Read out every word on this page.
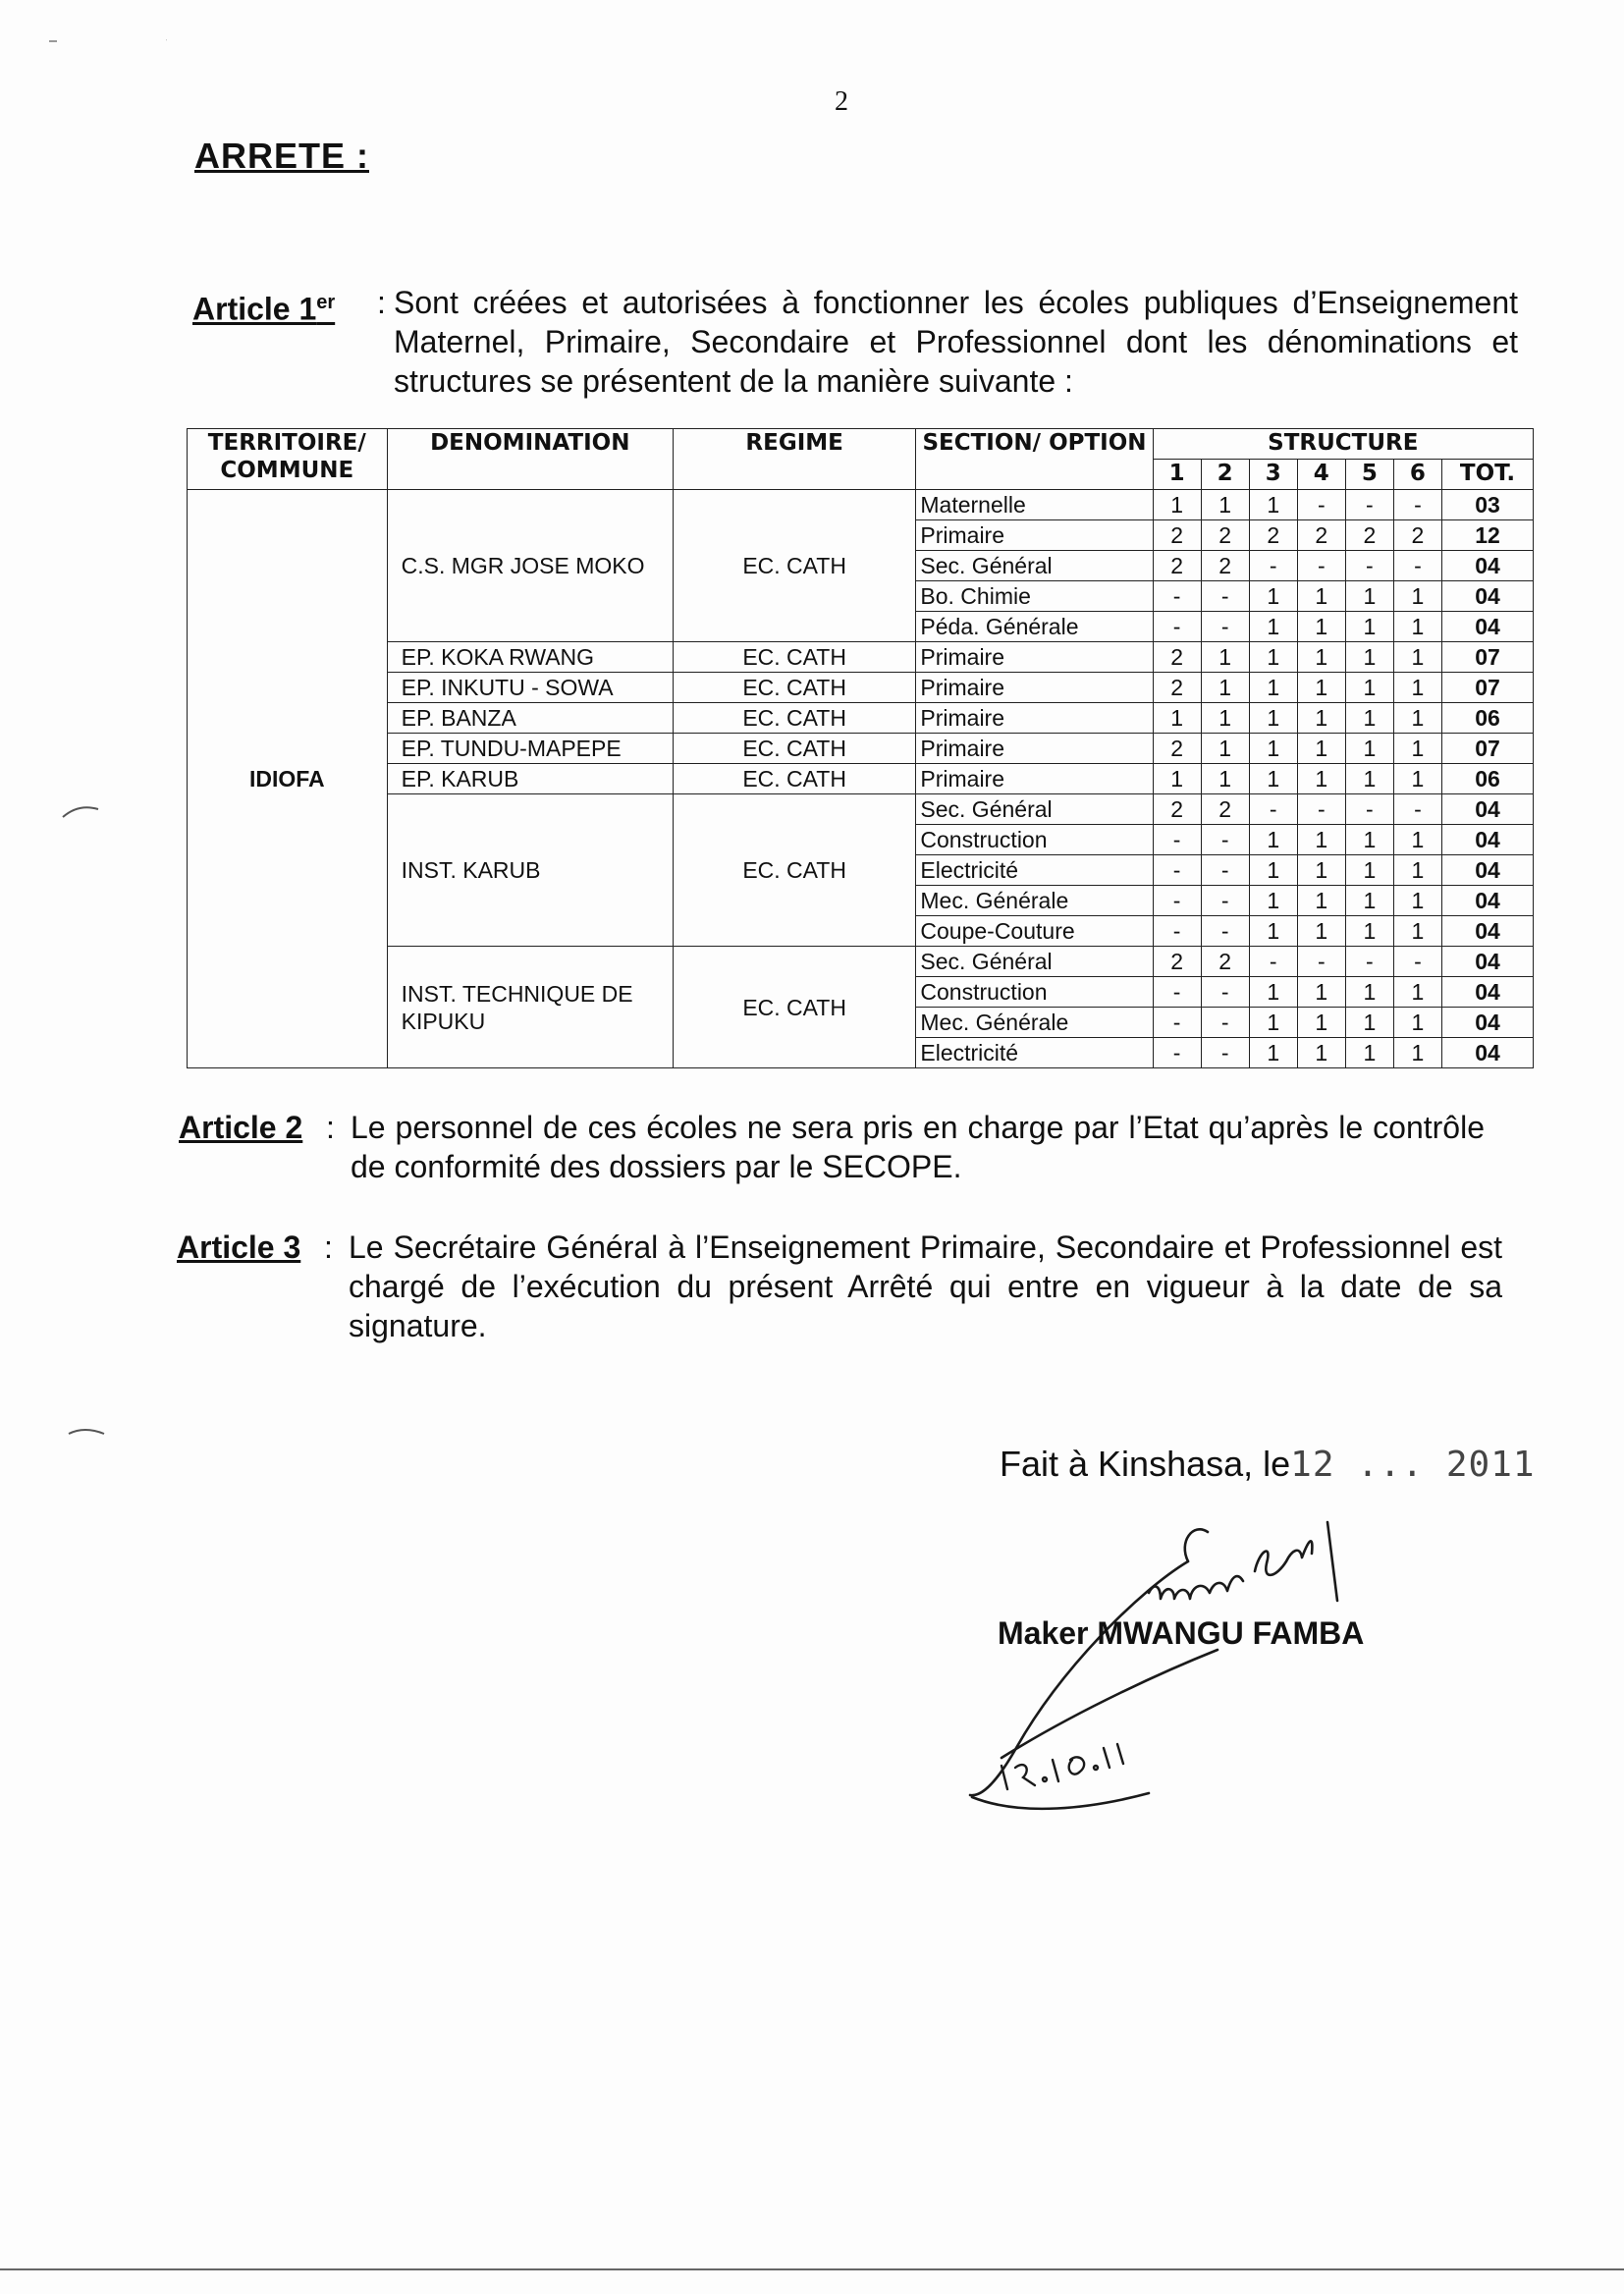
2
ARRETE :
Article 1er : Sont créées et autorisées à fonctionner les écoles publiques d’Enseignement Maternel, Primaire, Secondaire et Professionnel dont les dénominations et structures se présentent de la manière suivante :
TERRITOIRE/ COMMUNE	DENOMINATION	REGIME	SECTION/ OPTION	STRUCTURE						
				1	2	3	4	5	6	TOT.
IDIOFA	C.S. MGR JOSE MOKO	EC. CATH	Maternelle	1	1	1	-	-	-	03
			Primaire	2	2	2	2	2	2	12
			Sec. Général	2	2	-	-	-	-	04
			Bo. Chimie	-	-	1	1	1	1	04
			Péda. Générale	-	-	1	1	1	1	04
	EP. KOKA RWANG	EC. CATH	Primaire	2	1	1	1	1	1	07
	EP. INKUTU - SOWA	EC. CATH	Primaire	2	1	1	1	1	1	07
	EP. BANZA	EC. CATH	Primaire	1	1	1	1	1	1	06
	EP. TUNDU-MAPEPE	EC. CATH	Primaire	2	1	1	1	1	1	07
	EP. KARUB	EC. CATH	Primaire	1	1	1	1	1	1	06
	INST. KARUB	EC. CATH	Sec. Général	2	2	-	-	-	-	04
			Construction	-	-	1	1	1	1	04
			Electricité	-	-	1	1	1	1	04
			Mec. Générale	-	-	1	1	1	1	04
			Coupe-Couture	-	-	1	1	1	1	04
	INST. TECHNIQUE DE KIPUKU	EC. CATH	Sec. Général	2	2	-	-	-	-	04
			Construction	-	-	1	1	1	1	04
			Mec. Générale	-	-	1	1	1	1	04
			Electricité	-	-	1	1	1	1	04
Article 2 : Le personnel de ces écoles ne sera pris en charge par l’Etat qu’après le contrôle de conformité des dossiers par le SECOPE.
Article 3 : Le Secrétaire Général à l’Enseignement Primaire, Secondaire et Professionnel est chargé de l’exécution du présent Arrêté qui entre en vigueur à la date de sa signature.
Fait à Kinshasa, le12 ... 2011
Maker MWANGU FAMBA
